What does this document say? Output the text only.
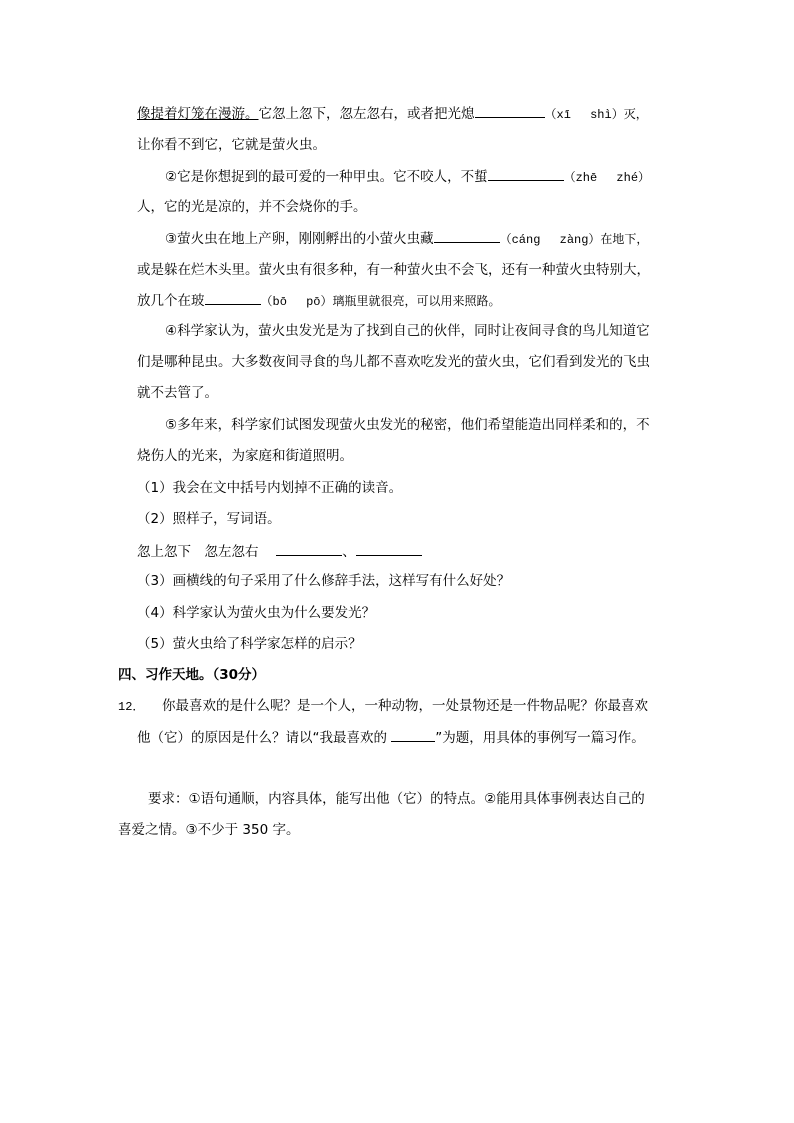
像提着灯笼在漫游。它忽上忽下，忽左忽右，或者把光熄	（xī　 shì）灭，
让你看不到它，它就是萤火虫。
②它是你想捉到的最可爱的一种甲虫。它不咬人，不蜇	（zhē　 zhé）
人，它的光是凉的，并不会烧你的手。
③萤火虫在地上产卵，刚刚孵出的小萤火虫藏	（cáng　 zàng）在地下，
或是躲在烂木头里。萤火虫有很多种，有一种萤火虫不会飞，还有一种萤火虫特别大，
放几个在玻	（bō　 pō）璃瓶里就很亮，可以用来照路。
④科学家认为，萤火虫发光是为了找到自己的伙伴，同时让夜间寻食的鸟儿知道它
们是哪种昆虫。大多数夜间寻食的鸟儿都不喜欢吃发光的萤火虫，它们看到发光的飞虫
就不去管了。
⑤多年来，科学家们试图发现萤火虫发光的秘密，他们希望能造出同样柔和的，不
烧伤人的光来，为家庭和街道照明。
（1）我会在文中括号内划掉不正确的读音。
（2）照样子，写词语。
忽上忽下　忽左忽右　	、
（3）画横线的句子采用了什么修辞手法，这样写有什么好处？
（4）科学家认为萤火虫为什么要发光？
（5）萤火虫给了科学家怎样的启示？
四、习作天地。（30分）
12． 你最喜欢的是什么呢？是一个人，一种动物，一处景物还是一件物品呢？你最喜欢
他（它）的原因是什么？请以“我最喜欢的	”为题，用具体的事例写一篇习作。
要求：①语句通顺，内容具体，能写出他（它）的特点。②能用具体事例表达自己的
喜爱之情。③不少于 350 字。
